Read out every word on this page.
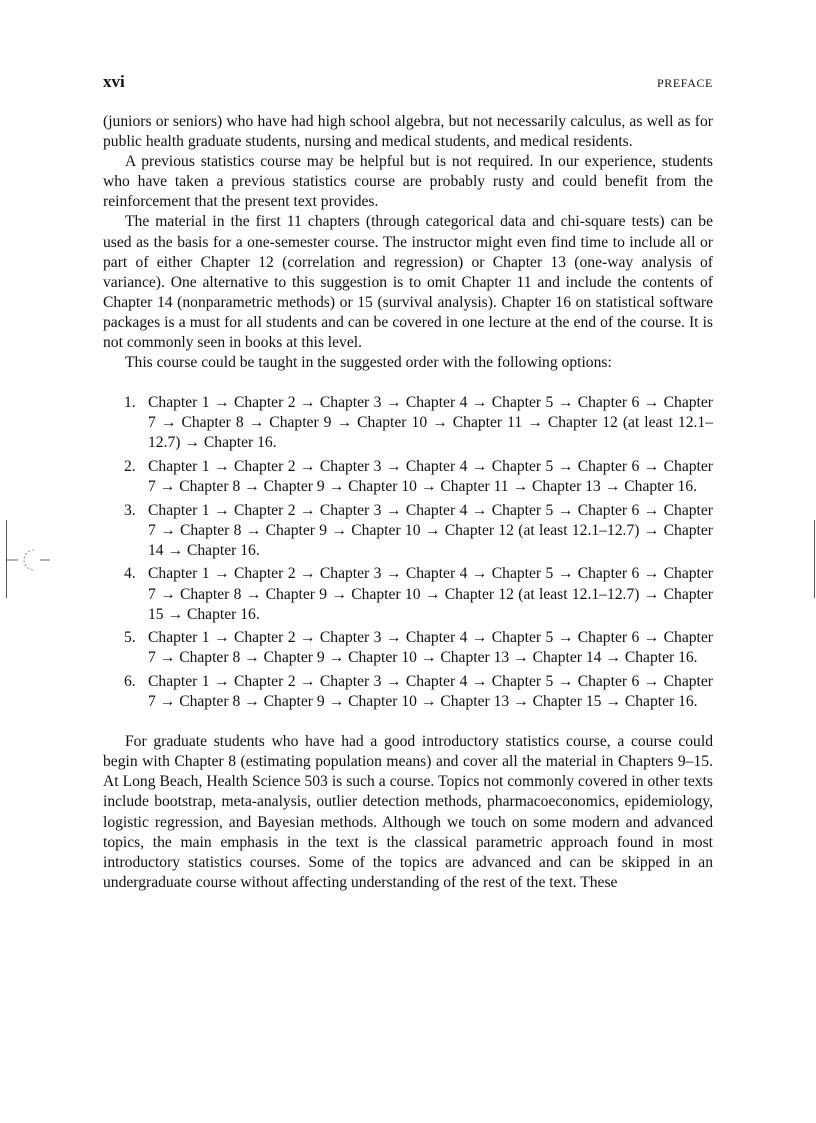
xvi	PREFACE

(juniors or seniors) who have had high school algebra, but not necessarily calculus, as well as for public health graduate students, nursing and medical students, and medical residents.

A previous statistics course may be helpful but is not required. In our experience, students who have taken a previous statistics course are probably rusty and could benefit from the reinforcement that the present text provides.

The material in the first 11 chapters (through categorical data and chi-square tests) can be used as the basis for a one-semester course. The instructor might even find time to include all or part of either Chapter 12 (correlation and regression) or Chapter 13 (one-way analysis of variance). One alternative to this suggestion is to omit Chapter 11 and include the contents of Chapter 14 (nonparametric methods) or 15 (survival analysis). Chapter 16 on statistical software packages is a must for all students and can be covered in one lecture at the end of the course. It is not commonly seen in books at this level.

This course could be taught in the suggested order with the following options:

1. Chapter 1 → Chapter 2 → Chapter 3 → Chapter 4 → Chapter 5 → Chapter 6 → Chapter 7 → Chapter 8 → Chapter 9 → Chapter 10 → Chapter 11 → Chapter 12 (at least 12.1–12.7) → Chapter 16.
2. Chapter 1 → Chapter 2 → Chapter 3 → Chapter 4 → Chapter 5 → Chapter 6 → Chapter 7 → Chapter 8 → Chapter 9 → Chapter 10 → Chapter 11 → Chapter 13 → Chapter 16.
3. Chapter 1 → Chapter 2 → Chapter 3 → Chapter 4 → Chapter 5 → Chapter 6 → Chapter 7 → Chapter 8 → Chapter 9 → Chapter 10 → Chapter 12 (at least 12.1–12.7) → Chapter 14 → Chapter 16.
4. Chapter 1 → Chapter 2 → Chapter 3 → Chapter 4 → Chapter 5 → Chapter 6 → Chapter 7 → Chapter 8 → Chapter 9 → Chapter 10 → Chapter 12 (at least 12.1–12.7) → Chapter 15 → Chapter 16.
5. Chapter 1 → Chapter 2 → Chapter 3 → Chapter 4 → Chapter 5 → Chapter 6 → Chapter 7 → Chapter 8 → Chapter 9 → Chapter 10 → Chapter 13 → Chapter 14 → Chapter 16.
6. Chapter 1 → Chapter 2 → Chapter 3 → Chapter 4 → Chapter 5 → Chapter 6 → Chapter 7 → Chapter 8 → Chapter 9 → Chapter 10 → Chapter 13 → Chapter 15 → Chapter 16.

For graduate students who have had a good introductory statistics course, a course could begin with Chapter 8 (estimating population means) and cover all the material in Chapters 9–15. At Long Beach, Health Science 503 is such a course. Topics not commonly covered in other texts include bootstrap, meta-analysis, outlier detection methods, pharmacoeconomics, epidemiology, logistic regression, and Bayesian methods. Although we touch on some modern and advanced topics, the main emphasis in the text is the classical parametric approach found in most introductory statistics courses. Some of the topics are advanced and can be skipped in an undergraduate course without affecting understanding of the rest of the text. These
